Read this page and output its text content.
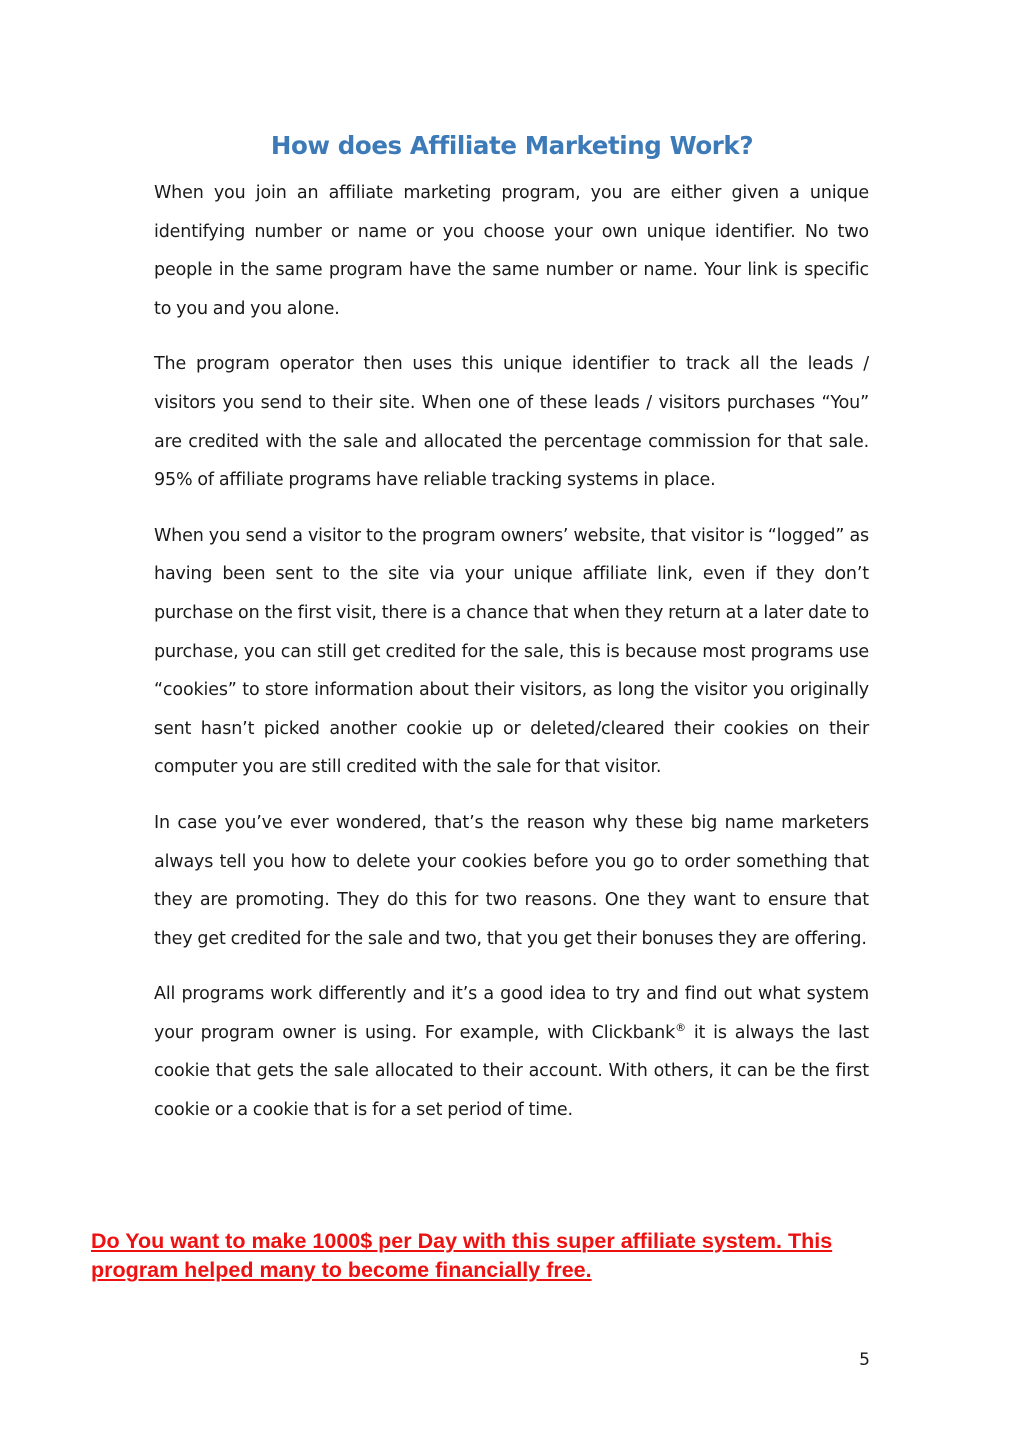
How does Affiliate Marketing Work?

When you join an affiliate marketing program, you are either given a unique identifying number or name or you choose your own unique identifier. No two people in the same program have the same number or name. Your link is specific to you and you alone.

The program operator then uses this unique identifier to track all the leads / visitors you send to their site. When one of these leads / visitors purchases “You” are credited with the sale and allocated the percentage commission for that sale. 95% of affiliate programs have reliable tracking systems in place.

When you send a visitor to the program owners’ website, that visitor is “logged” as having been sent to the site via your unique affiliate link, even if they don’t purchase on the first visit, there is a chance that when they return at a later date to purchase, you can still get credited for the sale, this is because most programs use “cookies” to store information about their visitors, as long the visitor you originally sent hasn’t picked another cookie up or deleted/cleared their cookies on their computer you are still credited with the sale for that visitor.

In case you’ve ever wondered, that’s the reason why these big name marketers always tell you how to delete your cookies before you go to order something that they are promoting. They do this for two reasons. One they want to ensure that they get credited for the sale and two, that you get their bonuses they are offering.

All programs work differently and it’s a good idea to try and find out what system your program owner is using. For example, with Clickbank® it is always the last cookie that gets the sale allocated to their account. With others, it can be the first cookie or a cookie that is for a set period of time.

Do You want to make 1000$ per Day with this super affiliate system. This program helped many to become financially free.

5
